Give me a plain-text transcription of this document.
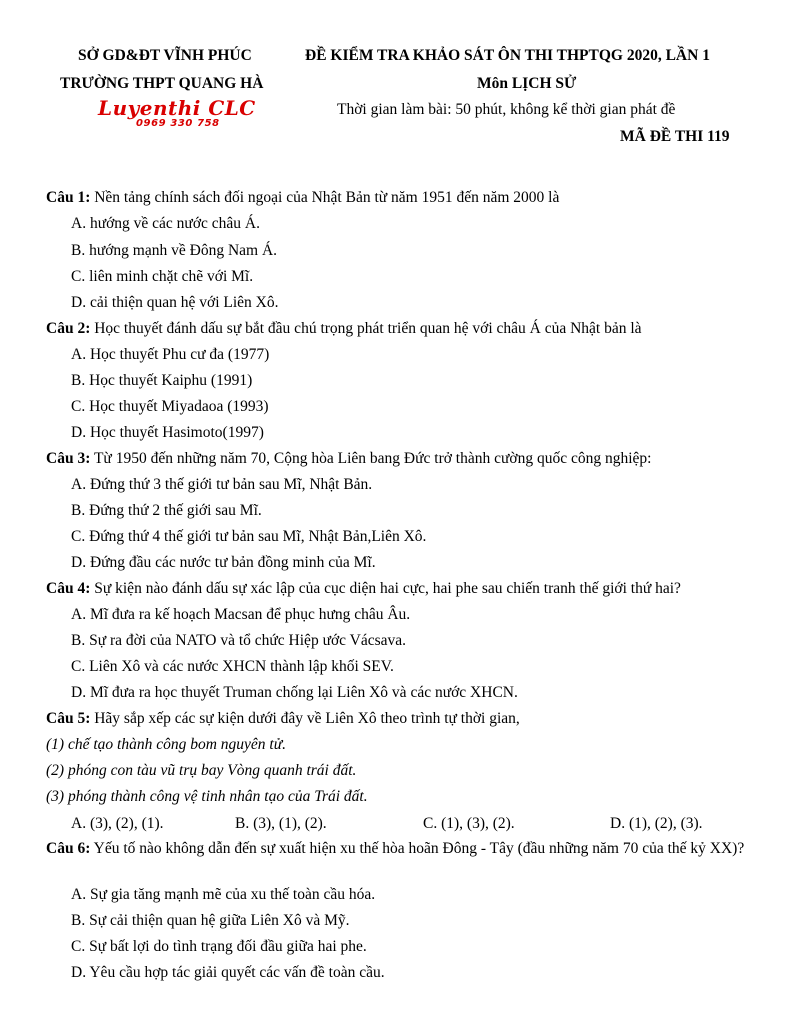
SỞ GD&ĐT VĨNH PHÚC
TRƯỜNG THPT QUANG HÀ
Luyenthi CLC
0969 330 758
ĐỀ KIỂM TRA KHẢO SÁT ÔN THI THPTQG 2020, LẦN 1
Môn LỊCH SỬ
Thời gian làm bài: 50 phút, không kể thời gian phát đề
MÃ ĐỀ THI 119
Câu 1: Nền tảng chính sách đối ngoại của Nhật Bản từ năm 1951 đến năm 2000 là
A. hướng về các nước châu Á.
B. hướng mạnh về Đông Nam Á.
C. liên minh chặt chẽ với Mĩ.
D. cải thiện quan hệ với Liên Xô.
Câu 2: Học thuyết đánh dấu sự bắt đầu chú trọng phát triển quan hệ với châu Á của Nhật bản là
A. Học thuyết Phu cư đa (1977)
B. Học thuyết Kaiphu (1991)
C. Học thuyết Miyadaoa (1993)
D. Học thuyết Hasimoto(1997)
Câu 3: Từ 1950 đến những năm 70, Cộng hòa Liên bang Đức trở thành cường quốc công nghiệp:
A. Đứng thứ 3 thế giới tư bản sau Mĩ, Nhật Bản.
B. Đứng thứ 2 thế giới sau Mĩ.
C. Đứng thứ 4 thế giới tư bản sau Mĩ, Nhật Bản,Liên Xô.
D. Đứng đầu các nước tư bản đồng minh của Mĩ.
Câu 4: Sự kiện nào đánh dấu sự xác lập của cục diện hai cực, hai phe sau chiến tranh thế giới thứ hai?
A. Mĩ đưa ra kế hoạch Macsan để phục hưng châu Âu.
B. Sự ra đời của NATO và tổ chức Hiệp ước Vácsava.
C. Liên Xô và các nước XHCN thành lập khối SEV.
D. Mĩ đưa ra học thuyết Truman chống lại Liên Xô và các nước XHCN.
Câu 5: Hãy sắp xếp các sự kiện dưới đây về Liên Xô theo trình tự thời gian,
(1) chế tạo thành công bom nguyên tử.
(2) phóng con tàu vũ trụ bay Vòng quanh trái đất.
(3) phóng thành công vệ tinh nhân tạo của Trái đất.
A. (3), (2), (1).	B. (3), (1), (2).	C. (1), (3), (2).	D. (1), (2), (3).
Câu 6: Yếu tố nào không dẫn đến sự xuất hiện xu thế hòa hoãn Đông - Tây (đầu những năm 70 của thế kỷ XX)?
A. Sự gia tăng mạnh mẽ của xu thế toàn cầu hóa.
B. Sự cải thiện quan hệ giữa Liên Xô và Mỹ.
C. Sự bất lợi do tình trạng đối đầu giữa hai phe.
D. Yêu cầu hợp tác giải quyết các vấn đề toàn cầu.
